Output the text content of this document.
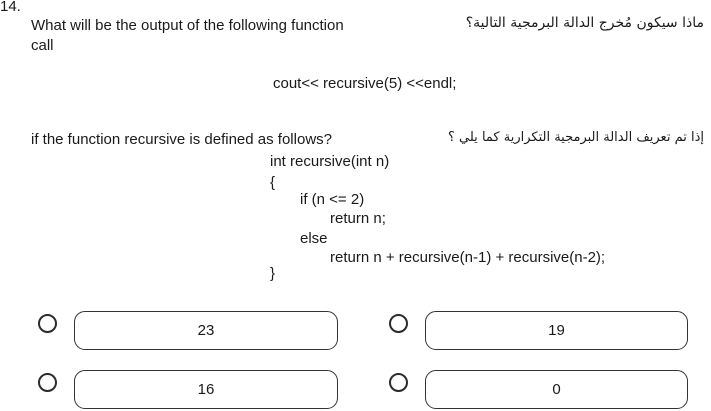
14.
What will be the output of the following function
call
ماذا سيكون مُخرج الدالة البرمجية التالية؟
cout<< recursive(5) <<endl;
if the function recursive is defined as follows?	إذا تم تعريف الدالة البرمجية التكرارية كما يلي ؟
int recursive(int n)
{
if (n <= 2)
return n;
else
return n + recursive(n-1) + recursive(n-2);
}
23	19
16	0
